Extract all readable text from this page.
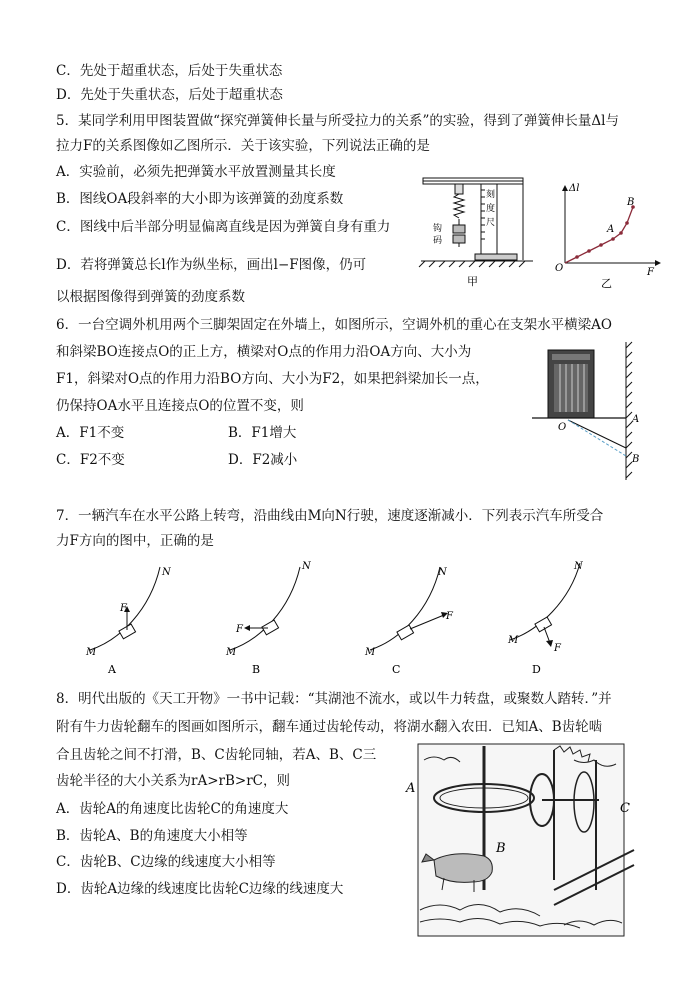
C．先处于超重状态，后处于失重状态
D．先处于失重状态，后处于超重状态
5．某同学利用甲图装置做“探究弹簧伸长量与所受拉力的关系”的实验，得到了弹簧伸长量Δl与
拉力F的关系图像如乙图所示．关于该实验，下列说法正确的是
A．实验前，必须先把弹簧水平放置测量其长度
B．图线OA段斜率的大小即为该弹簧的劲度系数
C．图线中后半部分明显偏离直线是因为弹簧自身有重力
D．若将弹簧总长l作为纵坐标，画出l−F图像，仍可
以根据图像得到弹簧的劲度系数
6．一台空调外机用两个三脚架固定在外墙上，如图所示，空调外机的重心在支架水平横梁AO
和斜梁BO连接点O的正上方，横梁对O点的作用力沿OA方向、大小为
F1，斜梁对O点的作用力沿BO方向、大小为F2，如果把斜梁加长一点，
仍保持OA水平且连接点O的位置不变，则
A．F1不变	B．F1增大
C．F2不变	D．F2减小
7．一辆汽车在水平公路上转弯，沿曲线由M向N行驶，速度逐渐减小．下列表示汽车所受合
力F方向的图中，正确的是
8．明代出版的《天工开物》一书中记载：“其湖池不流水，或以牛力转盘，或聚数人踏转．”并
附有牛力齿轮翻车的图画如图所示，翻车通过齿轮传动，将湖水翻入农田．已知A、B齿轮啮
合且齿轮之间不打滑，B、C齿轮同轴，若A、B、C三
齿轮半径的大小关系为rA>rB>rC，则
A．齿轮A的角速度比齿轮C的角速度大
B．齿轮A、B的角速度大小相等
C．齿轮B、C边缘的线速度大小相等
D．齿轮A边缘的线速度比齿轮C边缘的线速度大
刻
度
尺
钩
码
甲
Δl
F
O
A
B
乙
O
A
B
F
M
N
A
F
M
N
B
F
M
N
C
F
M
N
D
A
B
C
